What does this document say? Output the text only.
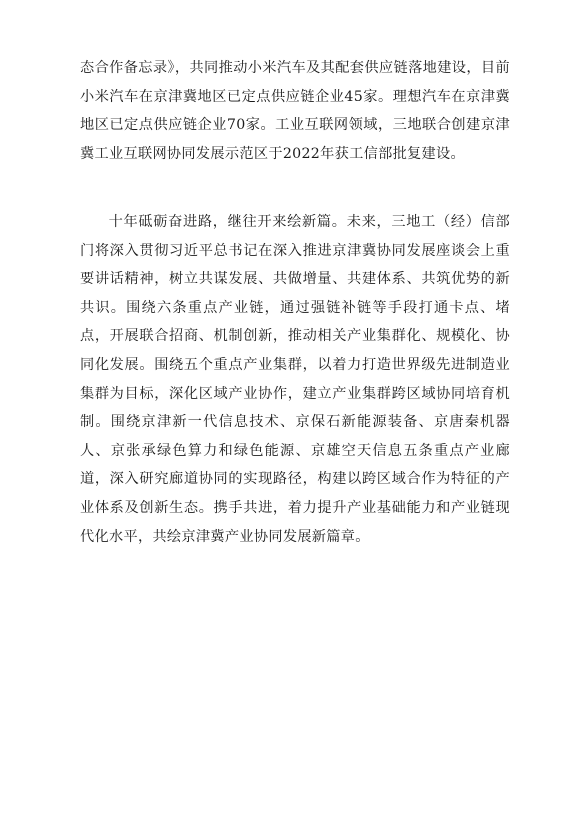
态合作备忘录》，共同推动小米汽车及其配套供应链落地建设，目前小米汽车在京津冀地区已定点供应链企业45家。理想汽车在京津冀地区已定点供应链企业70家。工业互联网领域，三地联合创建京津冀工业互联网协同发展示范区于2022年获工信部批复建设。

十年砥砺奋进路，继往开来绘新篇。未来，三地工（经）信部门将深入贯彻习近平总书记在深入推进京津冀协同发展座谈会上重要讲话精神，树立共谋发展、共做增量、共建体系、共筑优势的新共识。围绕六条重点产业链，通过强链补链等手段打通卡点、堵点，开展联合招商、机制创新，推动相关产业集群化、规模化、协同化发展。围绕五个重点产业集群，以着力打造世界级先进制造业集群为目标，深化区域产业协作，建立产业集群跨区域协同培育机制。围绕京津新一代信息技术、京保石新能源装备、京唐秦机器人、京张承绿色算力和绿色能源、京雄空天信息五条重点产业廊道，深入研究廊道协同的实现路径，构建以跨区域合作为特征的产业体系及创新生态。携手共进，着力提升产业基础能力和产业链现代化水平，共绘京津冀产业协同发展新篇章。
